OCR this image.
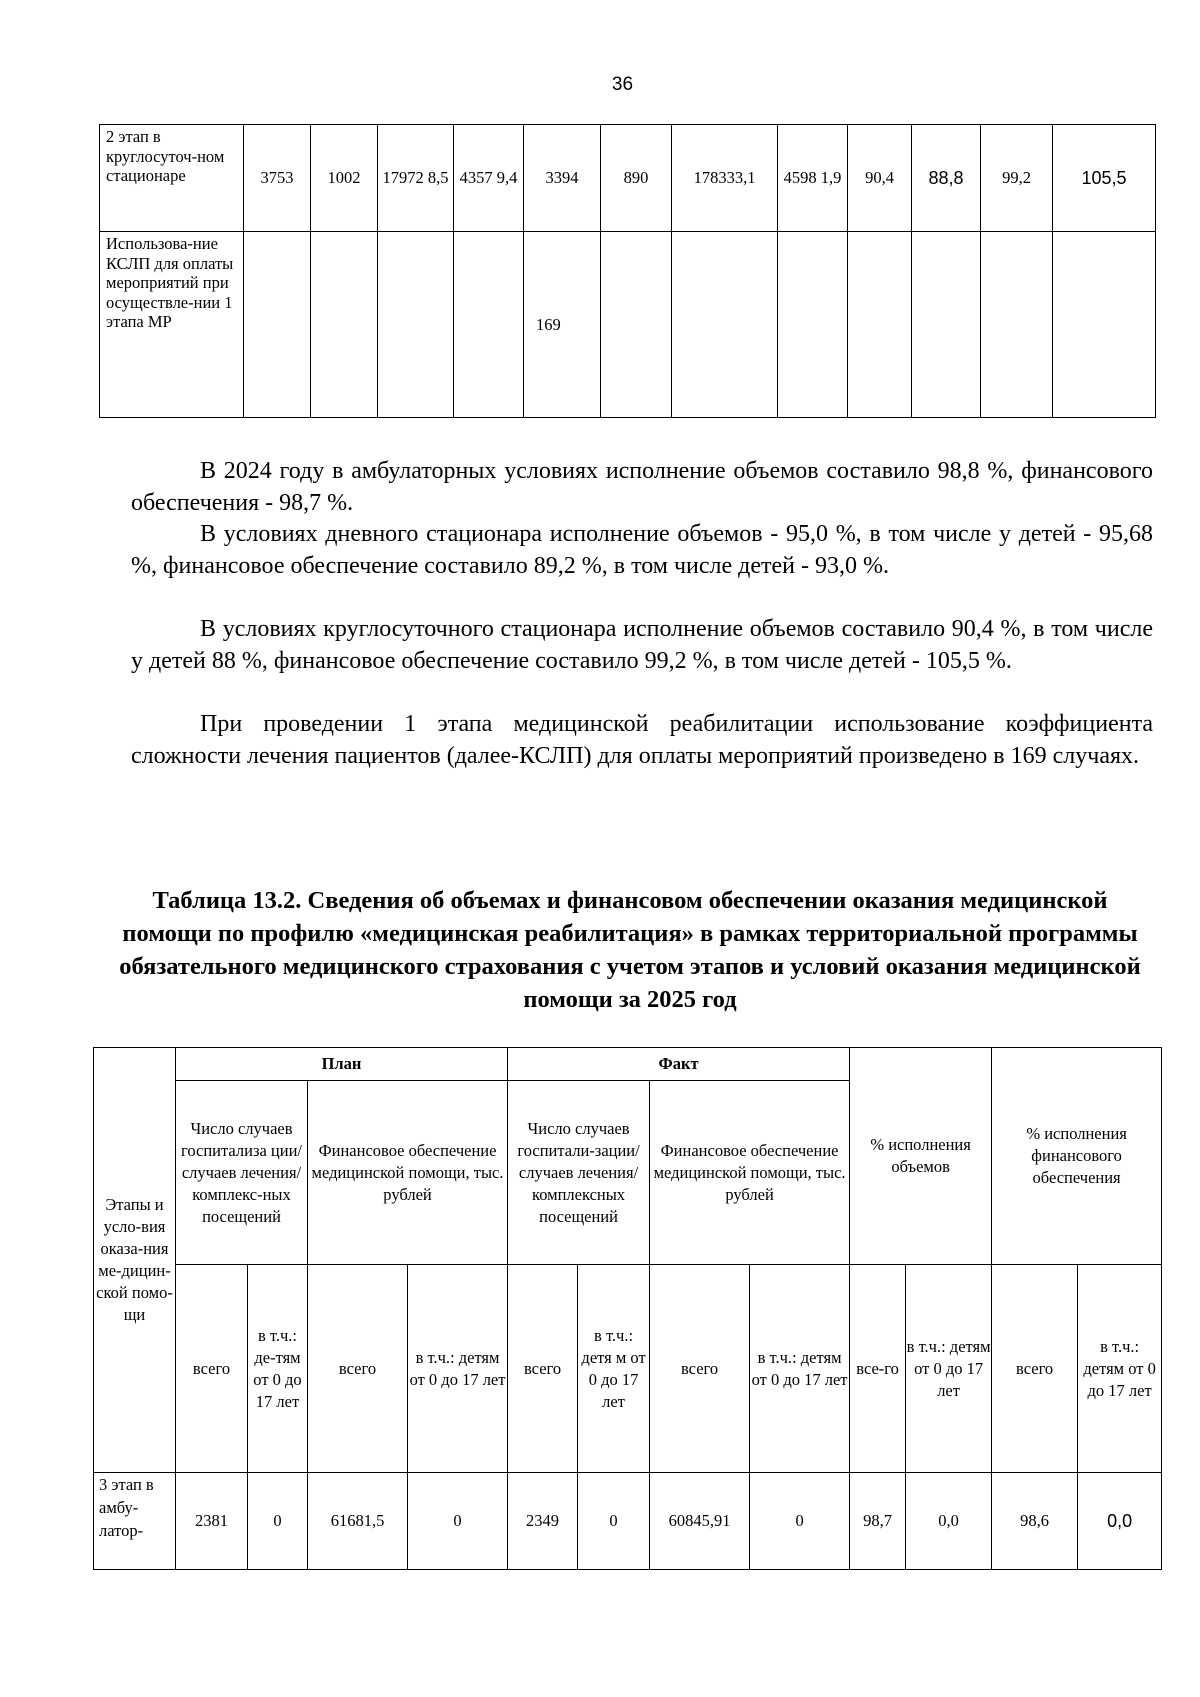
36
2 этап в круглосуточ-ном стационаре	3753	1002	17972 8,5	4357 9,4	3394	890	178333,1	4598 1,9	90,4	88,8	99,2	105,5
Использова-ние КСЛП для оплаты мероприятий при осуществле-нии 1 этапа МР					169							

В 2024 году в амбулаторных условиях исполнение объемов составило 98,8 %, финансового обеспечения - 98,7 %.

В условиях дневного стационара исполнение объемов - 95,0 %, в том числе у детей - 95,68 %, финансовое обеспечение составило 89,2 %, в том числе детей - 93,0 %.

В условиях круглосуточного стационара исполнение объемов составило 90,4 %, в том числе у детей 88 %, финансовое обеспечение составило 99,2 %, в том числе детей - 105,5 %.

При проведении 1 этапа медицинской реабилитации использование коэффициента сложности лечения пациентов (далее-КСЛП) для оплаты мероприятий произведено в 169 случаях.

Таблица 13.2. Сведения об объемах и финансовом обеспечении оказания медицинской помощи по профилю «медицинская реабилитация» в рамках территориальной программы обязательного медицинского страхования с учетом этапов и условий оказания медицинской помощи за 2025 год

Этапы и усло-вия оказа-ния ме-дицин-ской помо-щи	План				Факт				% исполнения объемов		% исполнения финансового обеспечения	
	Число случаев госпитализа ции/ случаев лечения/ комплекс-ных посещений		Финансовое обеспечение медицинской помощи, тыс. рублей		Число случаев госпитали-зации/ случаев лечения/ комплексных посещений		Финансовое обеспечение медицинской помощи, тыс. рублей					
	всего	в т.ч.: де-тям от 0 до 17 лет	всего	в т.ч.: детям от 0 до 17 лет	всего	в т.ч.: детя м от 0 до 17 лет	всего	в т.ч.: детям от 0 до 17 лет	все-го	в т.ч.: детям от 0 до 17 лет	всего	в т.ч.: детям от 0 до 17 лет
3 этап в амбу-латор-	2381	0	61681,5	0	2349	0	60845,91	0	98,7	0,0	98,6	0,0
